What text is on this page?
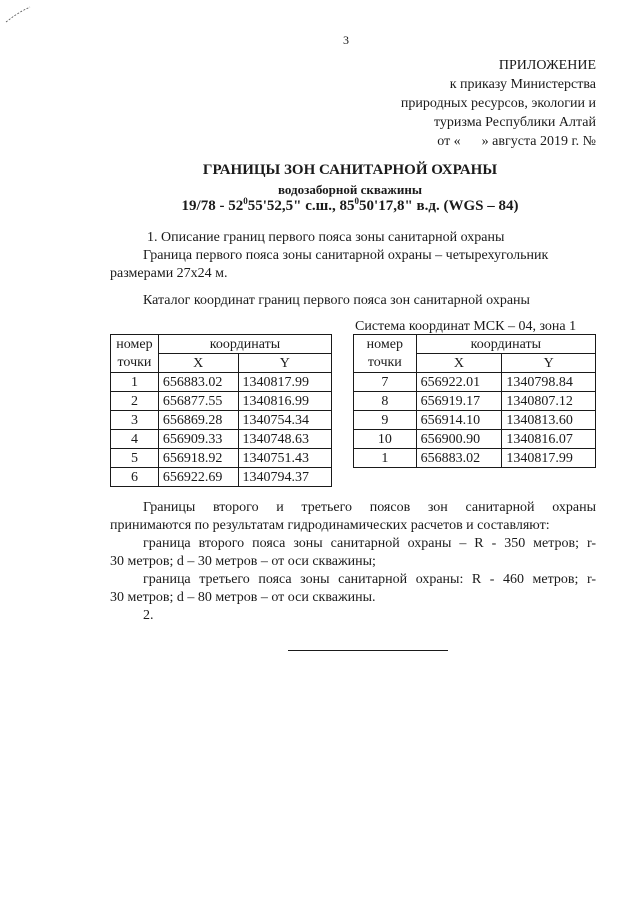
3
ПРИЛОЖЕНИЕ
к приказу Министерства
природных ресурсов, экологии и
туризма Республики Алтай
от «      » августа 2019 г. №
ГРАНИЦЫ ЗОН САНИТАРНОЙ ОХРАНЫ
водозаборной скважины
$19/78 - 52^055'52,5$" с.ш., $85^050'17,8$" в.д. (WGS – 84)
1. Описание границ первого пояса зоны санитарной охраны
Граница первого пояса зоны санитарной охраны – четырехугольник
размерами 27х24 м.
Каталог координат границ первого пояса зон санитарной охраны
Система координат МСК – 04, зона 1
номер	координаты	
точки	X	Y
1	656883.02	1340817.99
2	656877.55	1340816.99
3	656869.28	1340754.34
4	656909.33	1340748.63
5	656918.92	1340751.43
6	656922.69	1340794.37
номер	координаты	
точки	X	Y
7	656922.01	1340798.84
8	656919.17	1340807.12
9	656914.10	1340813.60
10	656900.90	1340816.07
1	656883.02	1340817.99
Границы второго и третьего поясов зон санитарной охраны
принимаются по результатам гидродинамических расчетов и составляют:
граница второго пояса зоны санитарной охраны – R - 350 метров; r-
30 метров; d – 30 метров – от оси скважины;
граница третьего пояса зоны санитарной охраны: R - 460 метров; r-
30 метров; d – 80 метров – от оси скважины.
2.
